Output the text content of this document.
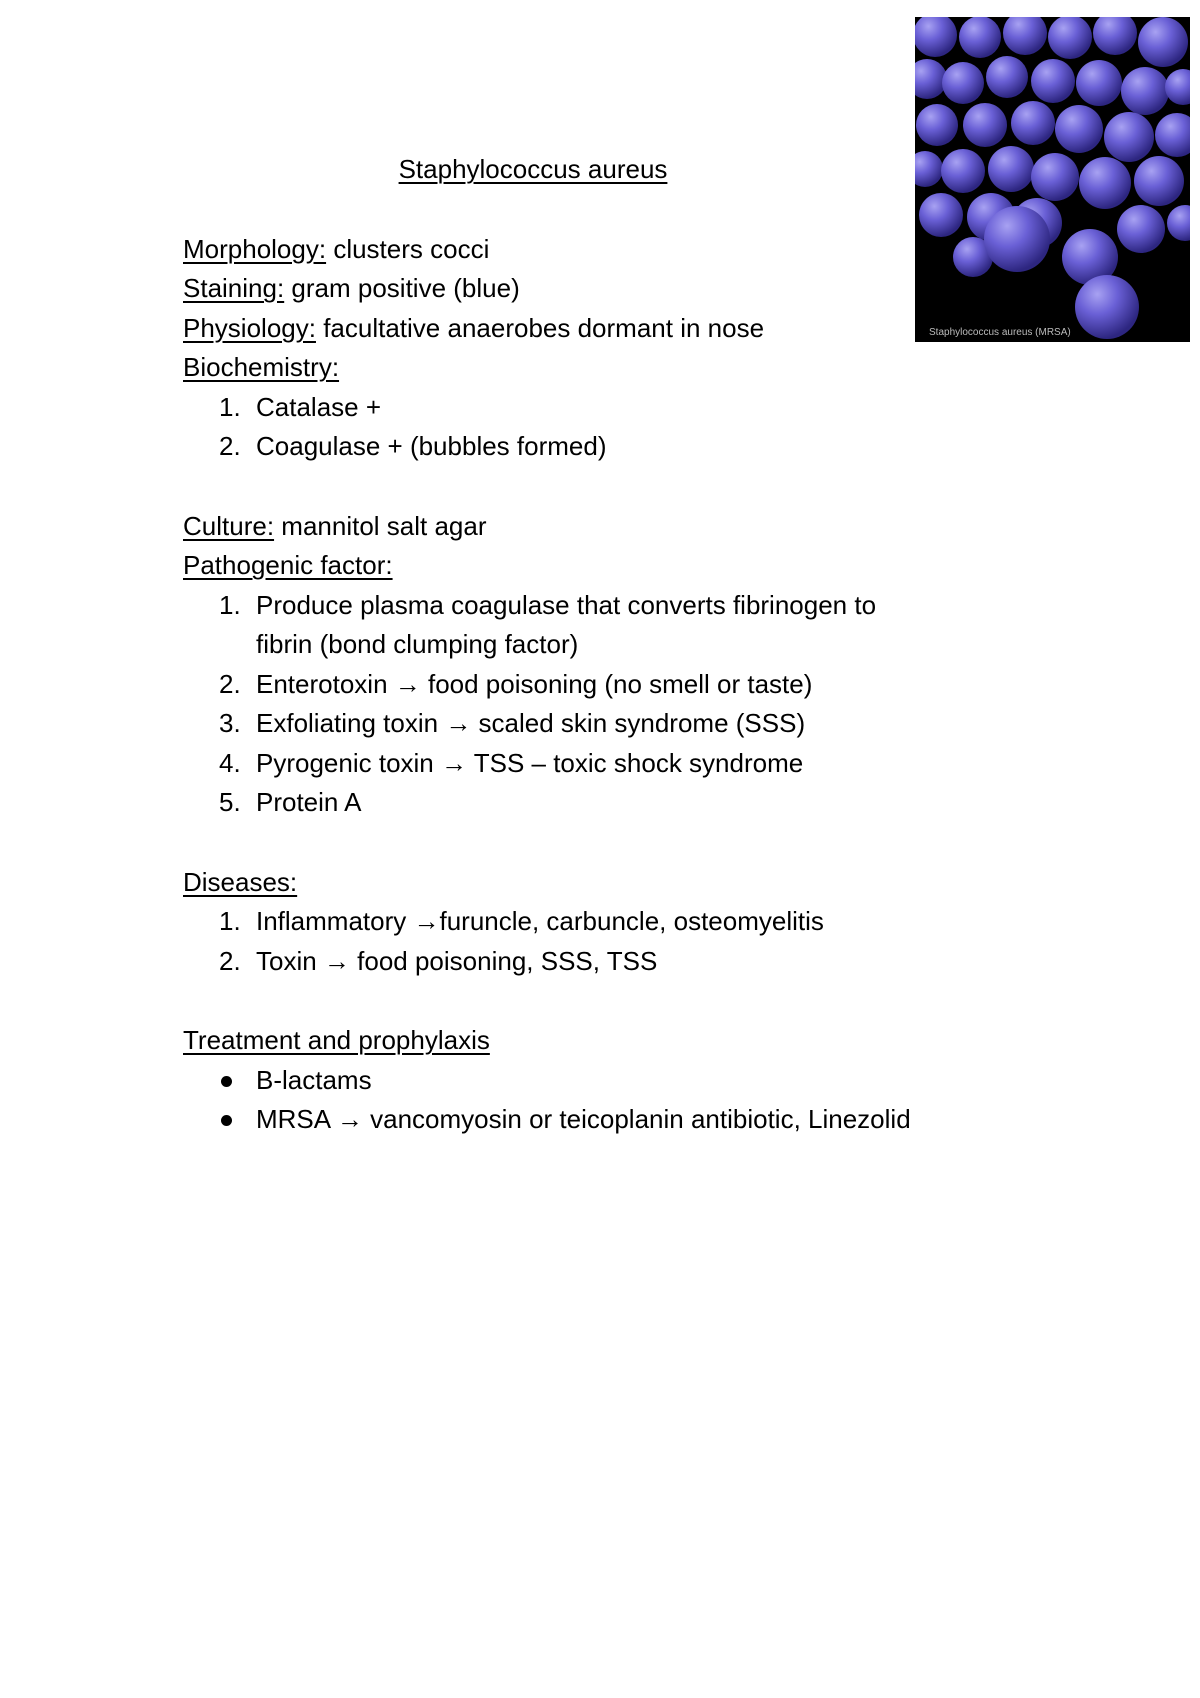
Staphylococcus aureus (MRSA)
Staphylococcus aureus

Morphology: clusters cocci

Staining: gram positive (blue)

Physiology: facultative anaerobes dormant in nose

Biochemistry:

1. Catalase +
2. Coagulase + (bubbles formed)

Culture: mannitol salt agar

Pathogenic factor:

1. Produce plasma coagulase that converts fibrinogen to fibrin (bond clumping factor)
2. Enterotoxin → food poisoning (no smell or taste)
3. Exfoliating toxin → scaled skin syndrome (SSS)
4. Pyrogenic toxin → TSS – toxic shock syndrome
5. Protein A

Diseases:

1. Inflammatory →furuncle, carbuncle, osteomyelitis
2. Toxin → food poisoning, SSS, TSS

Treatment and prophylaxis

B-lactams
MRSA → vancomyosin or teicoplanin antibiotic, Linezolid
